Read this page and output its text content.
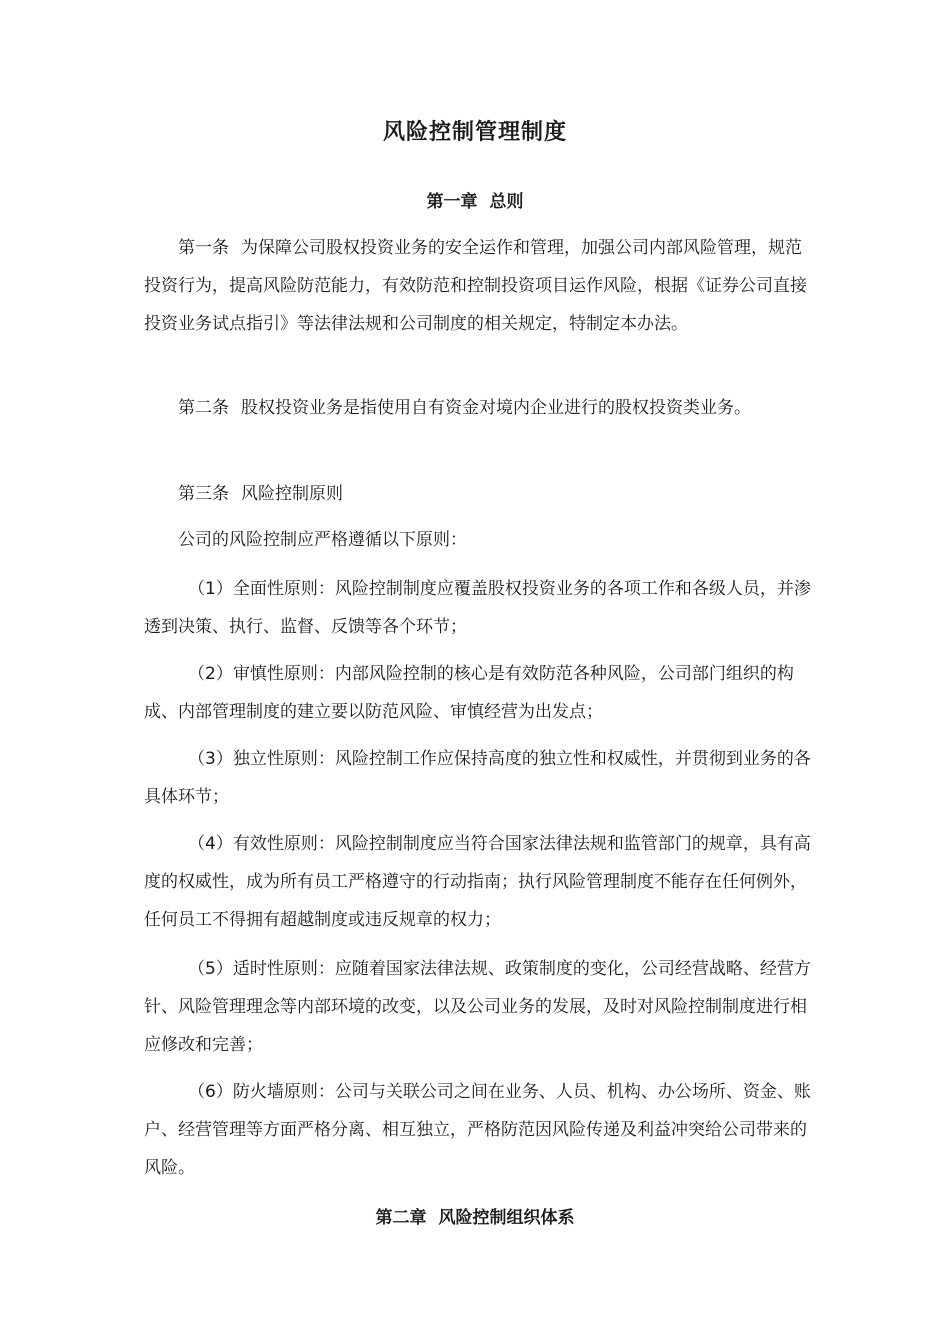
风险控制管理制度
第一章 总则

第一条 为保障公司股权投资业务的安全运作和管理，加强公司内部风险管理，规范投资行为，提高风险防范能力，有效防范和控制投资项目运作风险，根据《证券公司直接投资业务试点指引》等法律法规和公司制度的相关规定，特制定本办法。

第二条 股权投资业务是指使用自有资金对境内企业进行的股权投资类业务。

第三条 风险控制原则

公司的风险控制应严格遵循以下原则：

（1）全面性原则：风险控制制度应覆盖股权投资业务的各项工作和各级人员，并渗透到决策、执行、监督、反馈等各个环节；

（2）审慎性原则：内部风险控制的核心是有效防范各种风险，公司部门组织的构成、内部管理制度的建立要以防范风险、审慎经营为出发点；

（3）独立性原则：风险控制工作应保持高度的独立性和权威性，并贯彻到业务的各具体环节；

（4）有效性原则：风险控制制度应当符合国家法律法规和监管部门的规章，具有高度的权威性，成为所有员工严格遵守的行动指南；执行风险管理制度不能存在任何例外，任何员工不得拥有超越制度或违反规章的权力；

（5）适时性原则：应随着国家法律法规、政策制度的变化，公司经营战略、经营方针、风险管理理念等内部环境的改变，以及公司业务的发展，及时对风险控制制度进行相应修改和完善；

（6）防火墙原则：公司与关联公司之间在业务、人员、机构、办公场所、资金、账户、经营管理等方面严格分离、相互独立，严格防范因风险传递及利益冲突给公司带来的风险。

第二章 风险控制组织体系
